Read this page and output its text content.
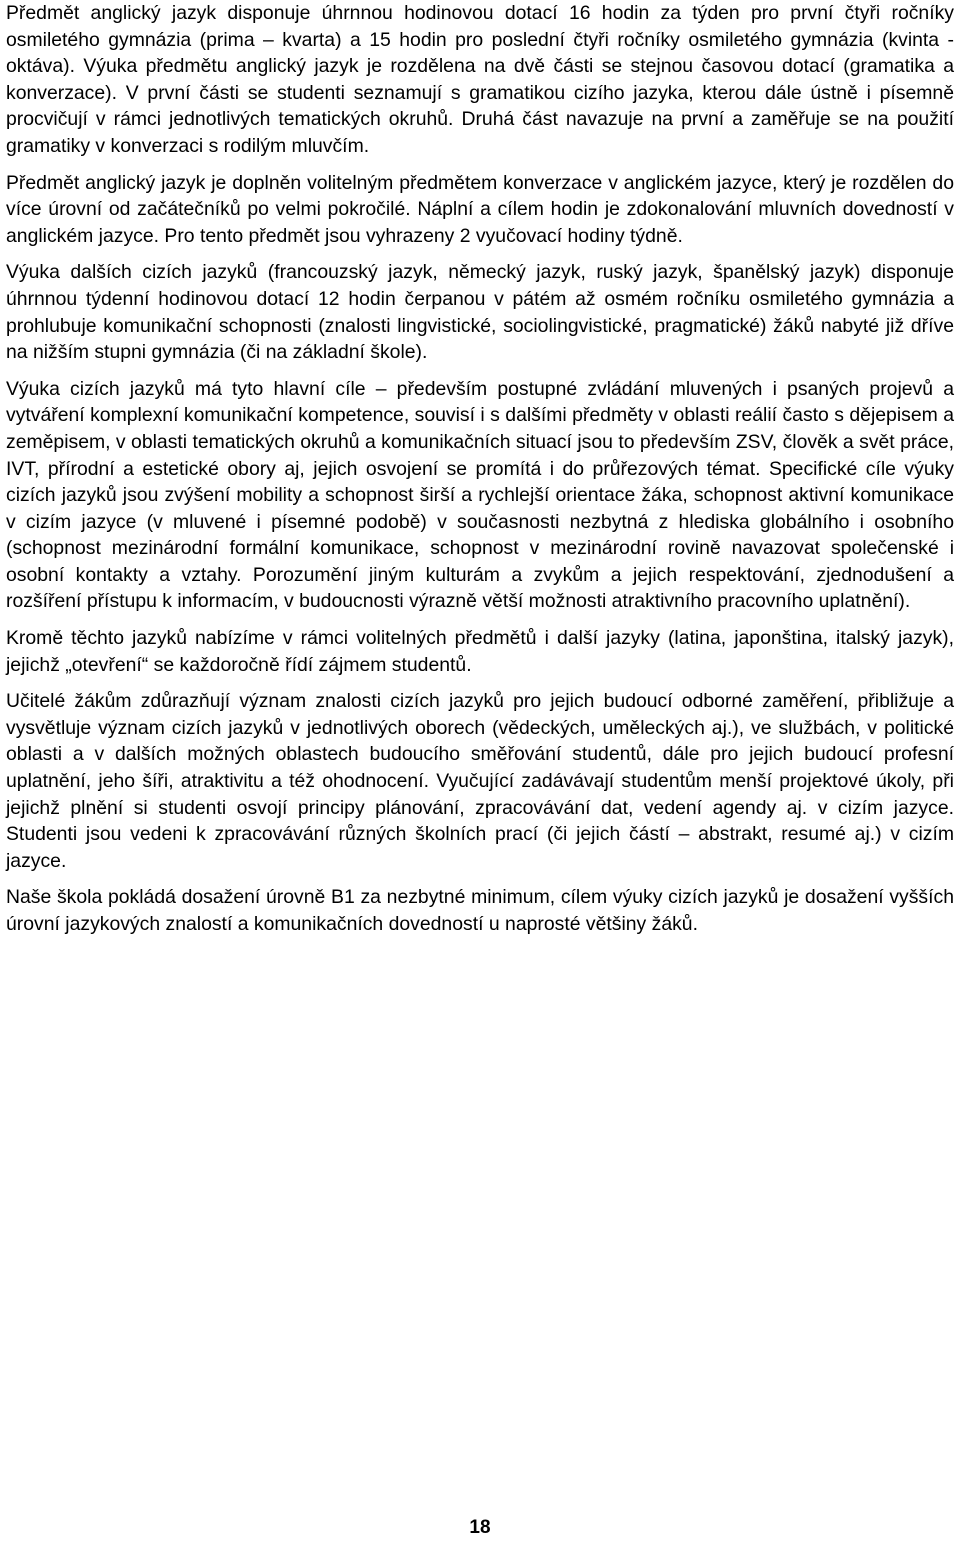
Předmět anglický jazyk disponuje úhrnnou hodinovou dotací 16 hodin za týden pro první čtyři ročníky osmiletého gymnázia (prima – kvarta) a 15 hodin pro poslední čtyři ročníky osmiletého gymnázia (kvinta - oktáva). Výuka předmětu anglický jazyk je rozdělena na dvě části se stejnou časovou dotací (gramatika a konverzace). V první části se studenti seznamují s gramatikou cizího jazyka, kterou dále ústně i písemně procvičují v rámci jednotlivých tematických okruhů. Druhá část navazuje na první a zaměřuje se na použití gramatiky v konverzaci s rodilým mluvčím.

Předmět anglický jazyk je doplněn volitelným předmětem konverzace v anglickém jazyce, který je rozdělen do více úrovní od začátečníků po velmi pokročilé. Náplní a cílem hodin je zdokonalování mluvních dovedností v anglickém jazyce. Pro tento předmět jsou vyhrazeny 2 vyučovací hodiny týdně.

Výuka dalších cizích jazyků (francouzský jazyk, německý jazyk, ruský jazyk, španělský jazyk) disponuje úhrnnou týdenní hodinovou dotací 12 hodin čerpanou v pátém až osmém ročníku osmiletého gymnázia a prohlubuje komunikační schopnosti (znalosti lingvistické, sociolingvistické, pragmatické) žáků nabyté již dříve na nižším stupni gymnázia (či na základní škole).

Výuka cizích jazyků má tyto hlavní cíle – především postupné zvládání mluvených i psaných projevů a vytváření komplexní komunikační kompetence, souvisí i s dalšími předměty v oblasti reálií často s dějepisem a zeměpisem, v oblasti tematických okruhů a komunikačních situací jsou to především ZSV, člověk a svět práce, IVT, přírodní a estetické obory aj, jejich osvojení se promítá i do průřezových témat. Specifické cíle výuky cizích jazyků jsou zvýšení mobility a schopnost širší a rychlejší orientace žáka, schopnost aktivní komunikace v cizím jazyce (v mluvené i písemné podobě) v současnosti nezbytná z hlediska globálního i osobního (schopnost mezinárodní formální komunikace, schopnost v mezinárodní rovině navazovat společenské i osobní kontakty a vztahy. Porozumění jiným kulturám a zvykům a jejich respektování, zjednodušení a rozšíření přístupu k informacím, v budoucnosti výrazně větší možnosti atraktivního pracovního uplatnění).

Kromě těchto jazyků nabízíme v rámci volitelných předmětů i další jazyky (latina, japonština, italský jazyk), jejichž „otevření“ se každoročně řídí zájmem studentů.

Učitelé žákům zdůrazňují význam znalosti cizích jazyků pro jejich budoucí odborné zaměření, přibližuje a vysvětluje význam cizích jazyků v jednotlivých oborech (vědeckých, uměleckých aj.), ve službách, v politické oblasti a v dalších možných oblastech budoucího směřování studentů, dále pro jejich budoucí profesní uplatnění, jeho šíři, atraktivitu a též ohodnocení. Vyučující zadávávají studentům menší projektové úkoly, při jejichž plnění si studenti osvojí principy plánování, zpracovávání dat, vedení agendy aj. v cizím jazyce. Studenti jsou vedeni k zpracovávání různých školních prací (či jejich částí – abstrakt, resumé aj.) v cizím jazyce.

Naše škola pokládá dosažení úrovně B1 za nezbytné minimum, cílem výuky cizích jazyků je dosažení vyšších úrovní jazykových znalostí a komunikačních dovedností u naprosté většiny žáků.

18
